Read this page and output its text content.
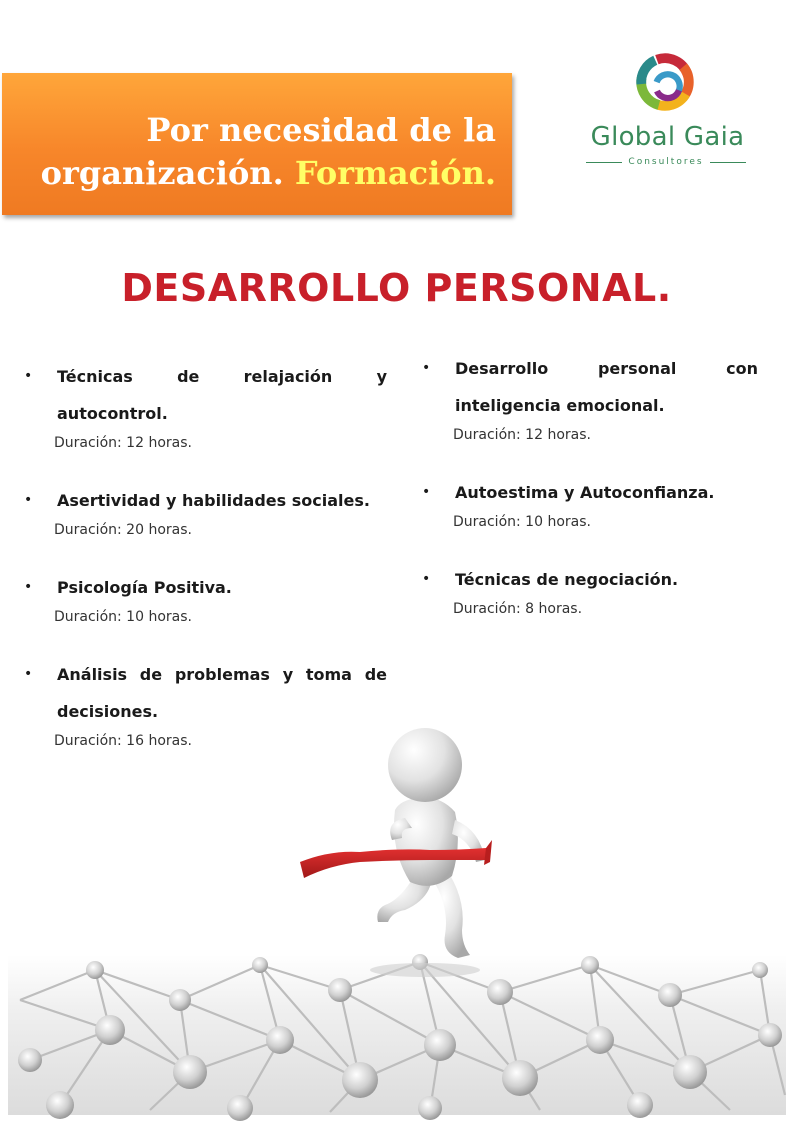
Por necesidad de la
organización. Formación.
Global Gaia
Consultores
DESARROLLO PERSONAL.
• Técnicas de relajación y autocontrol.
Duración: 12 horas.
• Asertividad y habilidades sociales.
Duración: 20 horas.
• Psicología Positiva.
Duración: 10 horas.
• Análisis de problemas y toma de decisiones.
Duración: 16 horas.
• Desarrollo personal con inteligencia emocional.
Duración: 12 horas.
• Autoestima y Autoconfianza.
Duración: 10 horas.
• Técnicas de negociación.
Duración: 8 horas.
